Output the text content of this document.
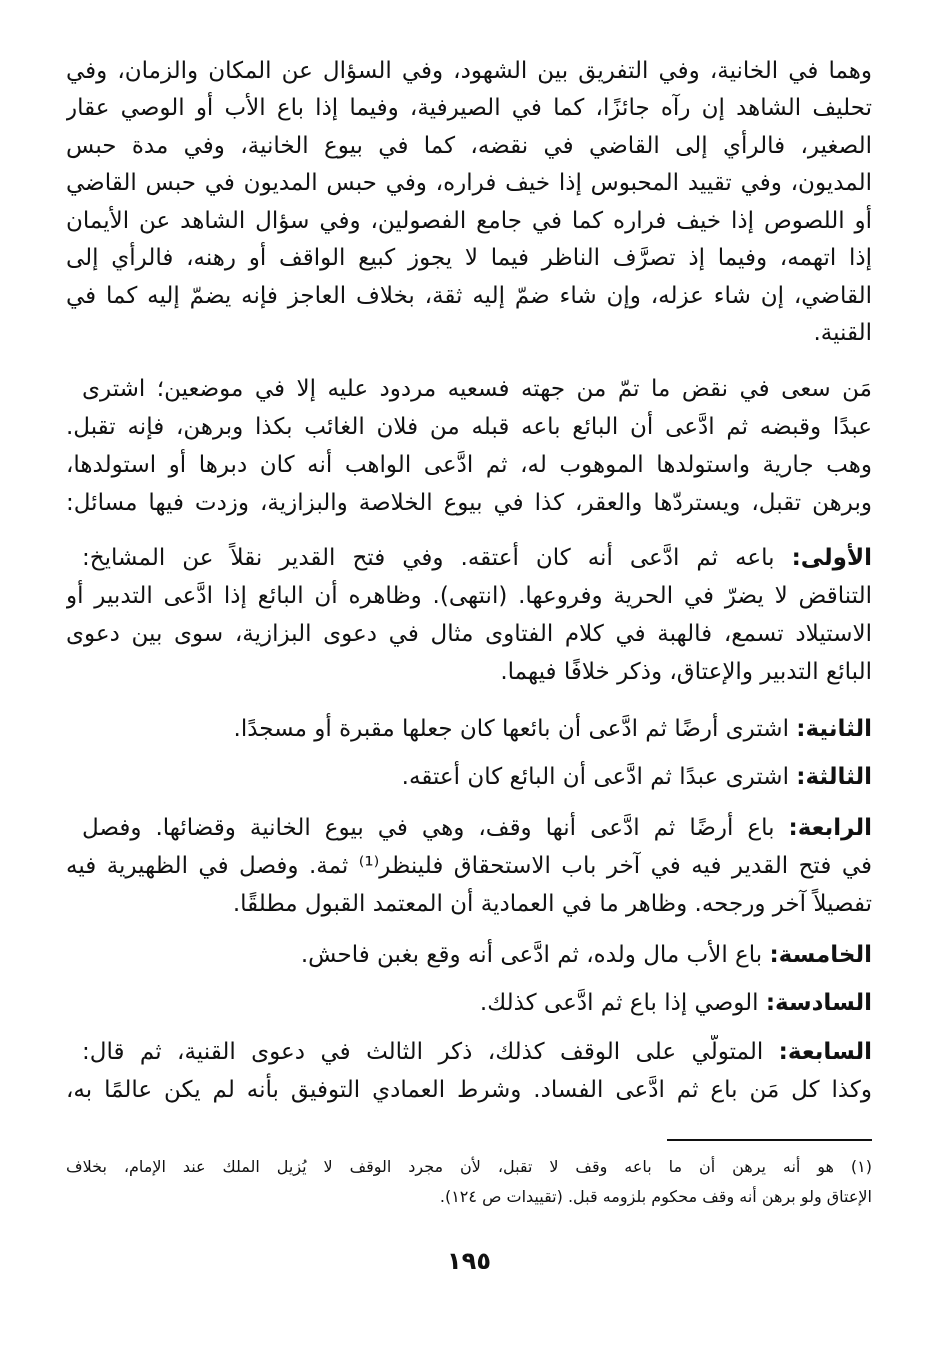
وهما في الخانية، وفي التفريق بين الشهود، وفي السؤال عن المكان والزمان، وفي
تحليف الشاهد إن رآه جائزًا، كما في الصيرفية، وفيما إذا باع الأب أو الوصي عقار
الصغير، فالرأي إلى القاضي في نقضه، كما في بيوع الخانية، وفي مدة حبس
المديون، وفي تقييد المحبوس إذا خيف فراره، وفي حبس المديون في حبس القاضي
أو اللصوص إذا خيف فراره كما في جامع الفصولين، وفي سؤال الشاهد عن الأيمان
إذا اتهمه، وفيما إذ تصرَّف الناظر فيما لا يجوز كبيع الواقف أو رهنه، فالرأي إلى
القاضي، إن شاء عزله، وإن شاء ضمّ إليه ثقة، بخلاف العاجز فإنه يضمّ إليه كما في
القنية.
مَن سعى في نقض ما تمّ من جهته فسعيه مردود عليه إلا في موضعين؛ اشترى
عبدًا وقبضه ثم ادَّعى أن البائع باعه قبله من فلان الغائب بكذا وبرهن، فإنه تقبل.
وهب جارية واستولدها الموهوب له، ثم ادَّعى الواهب أنه كان دبرها أو استولدها،
وبرهن تقبل، ويستردّها والعقر، كذا في بيوع الخلاصة والبزازية، وزدت فيها مسائل:
الأولى: باعه ثم ادَّعى أنه كان أعتقه. وفي فتح القدير نقلاً عن المشايخ:
التناقض لا يضرّ في الحرية وفروعها. (انتهى). وظاهره أن البائع إذا ادَّعى التدبير أو
الاستيلاد تسمع، فالهبة في كلام الفتاوى مثال في دعوى البزازية، سوى بين دعوى
البائع التدبير والإعتاق، وذكر خلافًا فيهما.
الثانية: اشترى أرضًا ثم ادَّعى أن بائعها كان جعلها مقبرة أو مسجدًا.
الثالثة: اشترى عبدًا ثم ادَّعى أن البائع كان أعتقه.
الرابعة: باع أرضًا ثم ادَّعى أنها وقف، وهي في بيوع الخانية وقضائها. وفصل
في فتح القدير فيه في آخر باب الاستحقاق فلينظر⁽¹⁾ ثمة. وفصل في الظهيرية فيه
تفصيلاً آخر ورجحه. وظاهر ما في العمادية أن المعتمد القبول مطلقًا.
الخامسة: باع الأب مال ولده، ثم ادَّعى أنه وقع بغبن فاحش.
السادسة: الوصي إذا باع ثم ادَّعى كذلك.
السابعة: المتولّي على الوقف كذلك، ذكر الثالث في دعوى القنية، ثم قال:
وكذا كل مَن باع ثم ادَّعى الفساد. وشرط العمادي التوفيق بأنه لم يكن عالمًا به،
(١) هو أنه يرهن أن ما باعه وقف لا تقبل، لأن مجرد الوقف لا يُزيل الملك عند الإمام، بخلاف
الإعتاق ولو برهن أنه وقف محكوم بلزومه قبل. (تقييدات ص ١٢٤).
١٩٥
